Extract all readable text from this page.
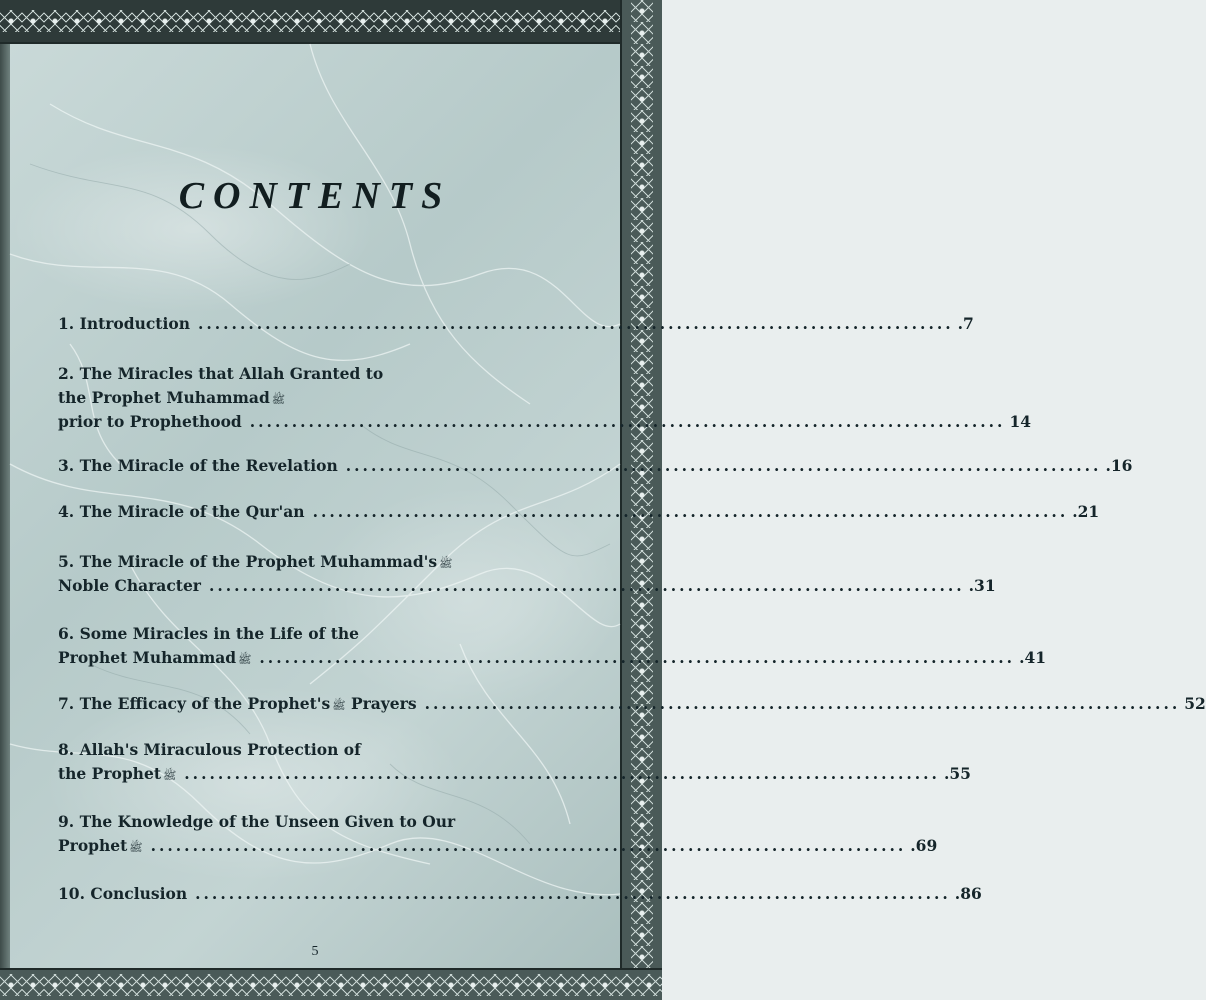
CONTENTS
1. Introduction .......................................................................................... .7
2. The Miracles that Allah Granted to
the Prophet Muhammad ﷺ
prior to Prophethood .......................................................................................... 14
3. The Miracle of the Revelation .......................................................................................... .16
4. The Miracle of the Qur'an .......................................................................................... .21
5. The Miracle of the Prophet Muhammad's ﷺ
Noble Character .......................................................................................... .31
6. Some Miracles in the Life of the
Prophet Muhammad ﷺ .......................................................................................... .41
7. The Efficacy of the Prophet's ﷺ
Prayers .......................................................................................... 52
8. Allah's Miraculous Protection of
the Prophet ﷺ .......................................................................................... .55
9. The Knowledge of the Unseen Given to Our
Prophet ﷺ .......................................................................................... .69
10. Conclusion .......................................................................................... .86
5
